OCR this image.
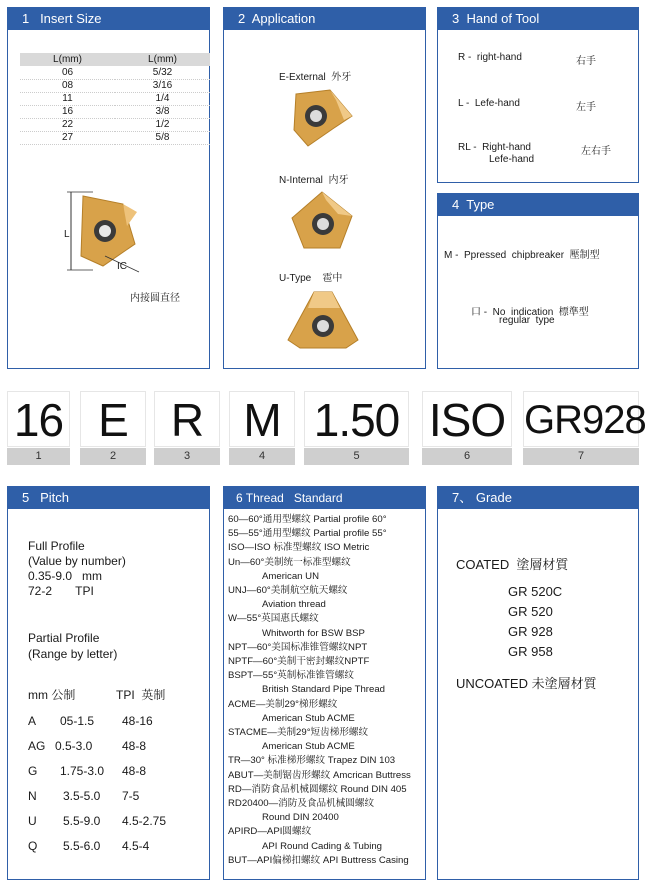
1   Insert Size
L(mm)	L(mm)
06	5/32
08	3/16
11	1/4
16	3/8
22	1/2
27	5/8
L
IC
内接圆直径
2  Application
E-External  外牙
N-Internal  内牙
U-Type    雹中
3  Hand of Tool
R -  right-hand	右手
L -  Lefe-hand	左手
RL -  Right-hand
Lefe-hand
左右手
4  Type
M -  Ppressed  chipbreaker  壓制型
口 -  No  indication  標準型
regular  type
16
1
E
2
R
3
M
4
1.50
5
ISO
6
GR928
7
5   Pitch
Full Profile
(Value by number)
0.35-9.0   mm
72-2       TPI
Partial Profile
(Range by letter)
mm 公制	TPI  英制
A 05-1.5 48-16
AG 0.5-3.0 48-8
G 1.75-3.0 48-8
N 3.5-5.0 7-5
U 5.5-9.0 4.5-2.75
Q 5.5-6.0 4.5-4
6 Thread   Standard
60—60°通用型螺纹 Partial profile 60°
55—55°通用型螺纹 Partial profile 55°
ISO—ISO 标准型螺纹 ISO Metric
Un—60°美制统一标准型螺纹
American UN
UNJ—60°美制航空航天螺纹
Aviation thread
W—55°英国惠氏螺纹
Whitworth for BSW BSP
NPT—60°美国标准锥管螺纹NPT
NPTF—60°美制干密封螺纹NPTF
BSPT—55°英制标准锥管螺纹
British Standard Pipe Thread
ACME—美制29°梯形螺纹
American Stub ACME
STACME—美制29°短齿梯形螺纹
American Stub ACME
TR—30° 标准梯形螺纹 Trapez DIN 103
ABUT—美制锯齿形螺纹 Amcrican Buttress
RD—消防食品机械圆螺纹 Round DIN 405
RD20400—消防及食品机械圆螺纹
Round DIN 20400
APIRD—API圆螺纹
API Round Cading & Tubing
BUT—API偏梯扣螺纹 API Buttress Casing
7、 Grade
COATED  塗層材質
GR 520C
GR 520
GR 928
GR 958
UNCOATED 未塗層材質
